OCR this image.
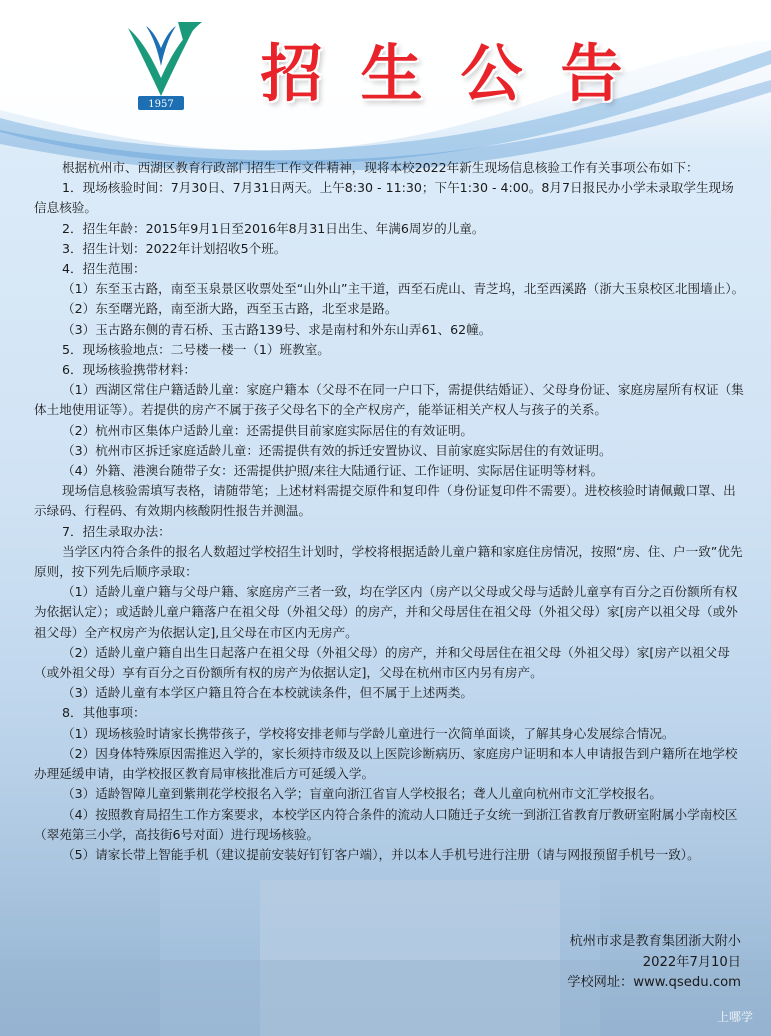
1957	招生公告

根据杭州市、西湖区教育行政部门招生工作文件精神，现将本校2022年新生现场信息核验工作有关事项公布如下：

1．现场核验时间：7月30日、7月31日两天。上午8:30 - 11:30；下午1:30 - 4:00。8月7日报民办小学未录取学生现场信息核验。

2．招生年龄：2015年9月1日至2016年8月31日出生、年满6周岁的儿童。

3．招生计划：2022年计划招收5个班。

4．招生范围：

（1）东至玉古路，南至玉泉景区收票处至“山外山”主干道，西至石虎山、青芝坞，北至西溪路（浙大玉泉校区北围墙止）。

（2）东至曙光路，南至浙大路，西至玉古路，北至求是路。

（3）玉古路东侧的青石桥、玉古路139号、求是南村和外东山弄61、62幢。

5．现场核验地点：二号楼一楼一（1）班教室。

6．现场核验携带材料：

（1）西湖区常住户籍适龄儿童：家庭户籍本（父母不在同一户口下，需提供结婚证）、父母身份证、家庭房屋所有权证（集体土地使用证等）。若提供的房产不属于孩子父母名下的全产权房产，能举证相关产权人与孩子的关系。

（2）杭州市区集体户适龄儿童：还需提供目前家庭实际居住的有效证明。

（3）杭州市区拆迁家庭适龄儿童：还需提供有效的拆迁安置协议、目前家庭实际居住的有效证明。

（4）外籍、港澳台随带子女：还需提供护照/来往大陆通行证、工作证明、实际居住证明等材料。

现场信息核验需填写表格，请随带笔；上述材料需提交原件和复印件（身份证复印件不需要）。进校核验时请佩戴口罩、出示绿码、行程码、有效期内核酸阴性报告并测温。

7．招生录取办法：

当学区内符合条件的报名人数超过学校招生计划时，学校将根据适龄儿童户籍和家庭住房情况，按照“房、住、户一致”优先原则，按下列先后顺序录取：

（1）适龄儿童户籍与父母户籍、家庭房产三者一致，均在学区内（房产以父母或父母与适龄儿童享有百分之百份额所有权为依据认定）；或适龄儿童户籍落户在祖父母（外祖父母）的房产，并和父母居住在祖父母（外祖父母）家[房产以祖父母（或外祖父母）全产权房产为依据认定],且父母在市区内无房产。

（2）适龄儿童户籍自出生日起落户在祖父母（外祖父母）的房产，并和父母居住在祖父母（外祖父母）家[房产以祖父母（或外祖父母）享有百分之百份额所有权的房产为依据认定]，父母在杭州市区内另有房产。

（3）适龄儿童有本学区户籍且符合在本校就读条件，但不属于上述两类。

8．其他事项：

（1）现场核验时请家长携带孩子，学校将安排老师与学龄儿童进行一次简单面谈，了解其身心发展综合情况。

（2）因身体特殊原因需推迟入学的，家长须持市级及以上医院诊断病历、家庭房户证明和本人申请报告到户籍所在地学校办理延缓申请，由学校报区教育局审核批准后方可延缓入学。

（3）适龄智障儿童到紫荆花学校报名入学；盲童向浙江省盲人学校报名；聋人儿童向杭州市文汇学校报名。

（4）按照教育局招生工作方案要求，本校学区内符合条件的流动人口随迁子女统一到浙江省教育厅教研室附属小学南校区（翠苑第三小学，高技街6号对面）进行现场核验。

（5）请家长带上智能手机（建议提前安装好钉钉客户端），并以本人手机号进行注册（请与网报预留手机号一致）。

杭州市求是教育集团浙大附小
2022年7月10日
学校网址：www.qsedu.com
上哪学
